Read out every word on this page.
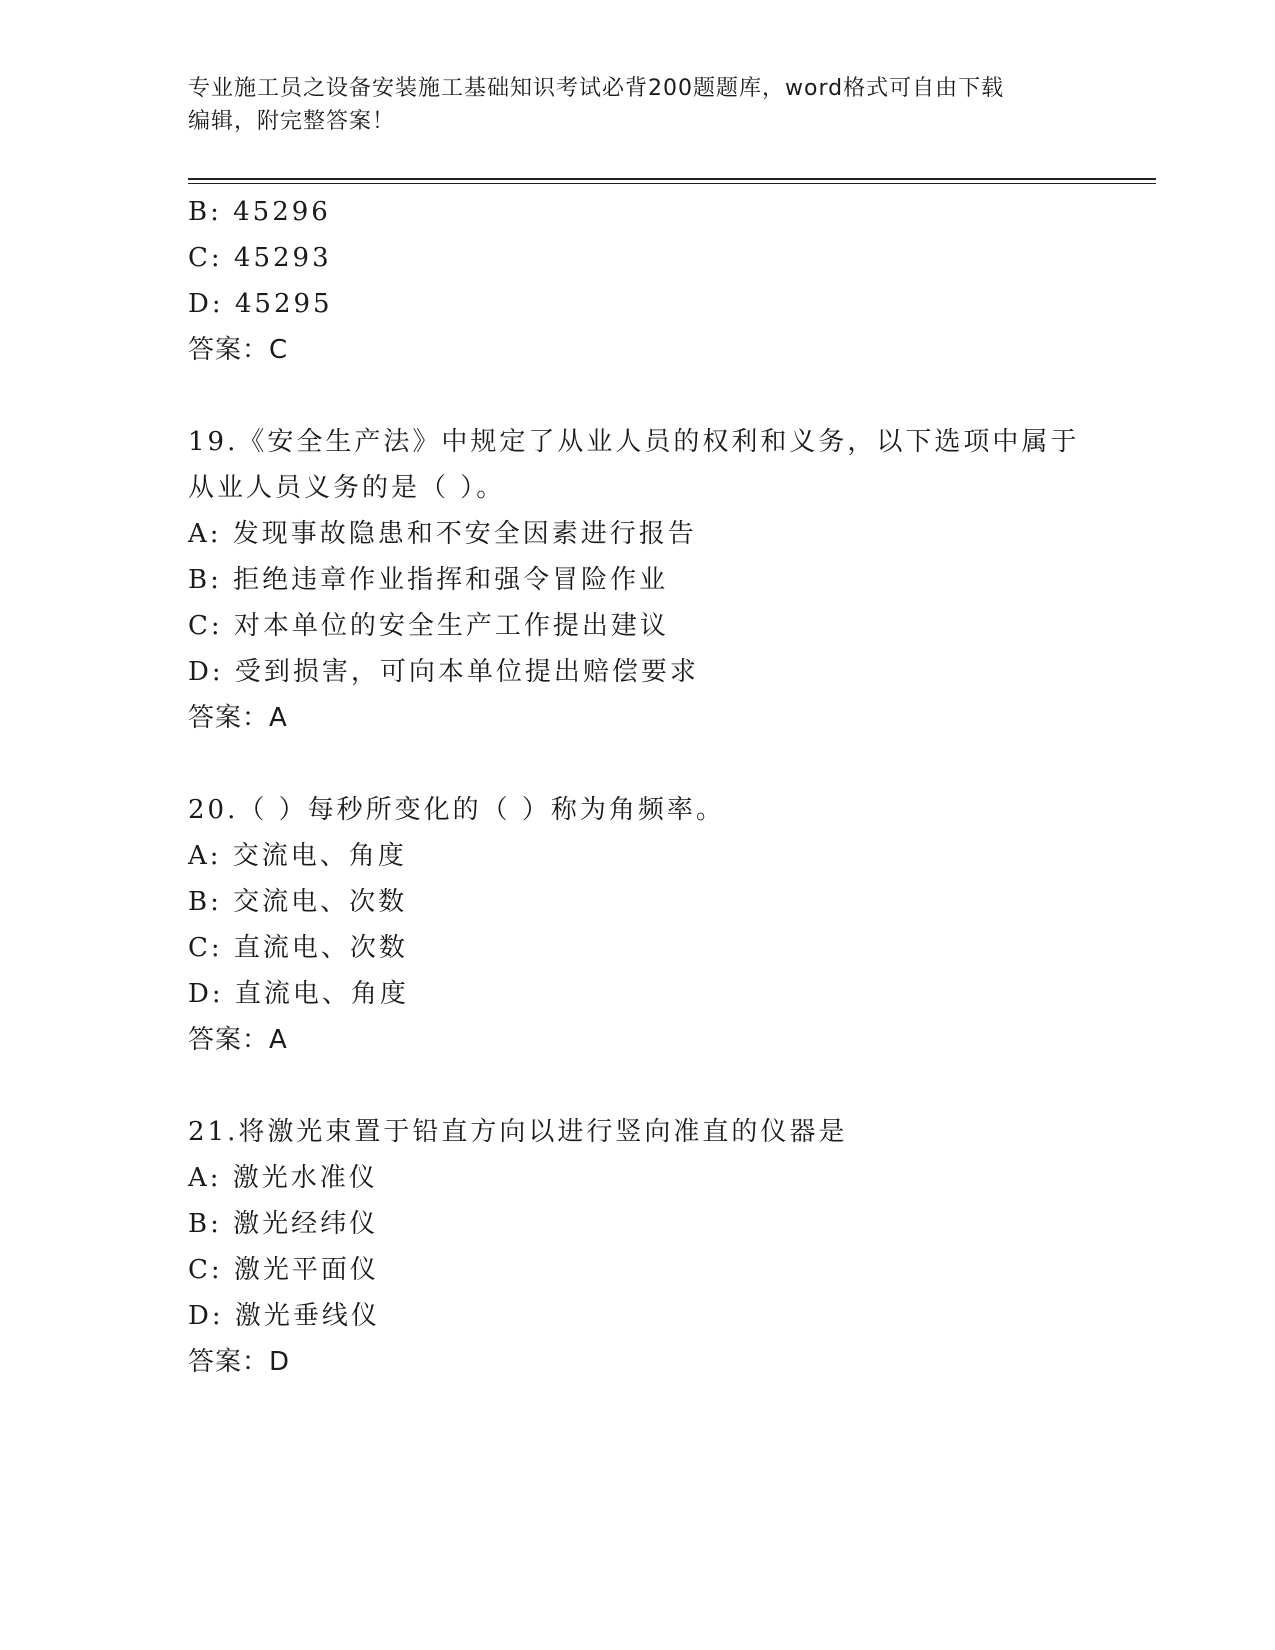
专业施工员之设备安装施工基础知识考试必背200题题库，word格式可自由下载
编辑，附完整答案！
B: 45296
C: 45293
D: 45295
答案：C
19.《安全生产法》中规定了从业人员的权利和义务，以下选项中属于
从业人员义务的是（ ）。
A: 发现事故隐患和不安全因素进行报告
B: 拒绝违章作业指挥和强令冒险作业
C: 对本单位的安全生产工作提出建议
D: 受到损害，可向本单位提出赔偿要求
答案：A
20.（ ）每秒所变化的（ ）称为角频率。
A: 交流电、角度
B: 交流电、次数
C: 直流电、次数
D: 直流电、角度
答案：A
21.将激光束置于铅直方向以进行竖向准直的仪器是
A: 激光水准仪
B: 激光经纬仪
C: 激光平面仪
D: 激光垂线仪
答案：D
